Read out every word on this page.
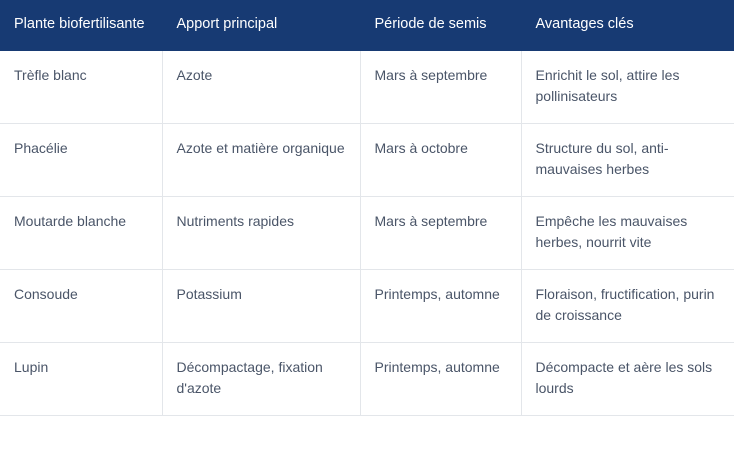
Plante biofertilisante	Apport principal	Période de semis	Avantages clés
Trèfle blanc	Azote	Mars à septembre	Enrichit le sol, attire les pollinisateurs
Phacélie	Azote et matière organique	Mars à octobre	Structure du sol, anti-mauvaises herbes
Moutarde blanche	Nutriments rapides	Mars à septembre	Empêche les mauvaises herbes, nourrit vite
Consoude	Potassium	Printemps, automne	Floraison, fructification, purin de croissance
Lupin	Décompactage, fixation d'azote	Printemps, automne	Décompacte et aère les sols lourds
